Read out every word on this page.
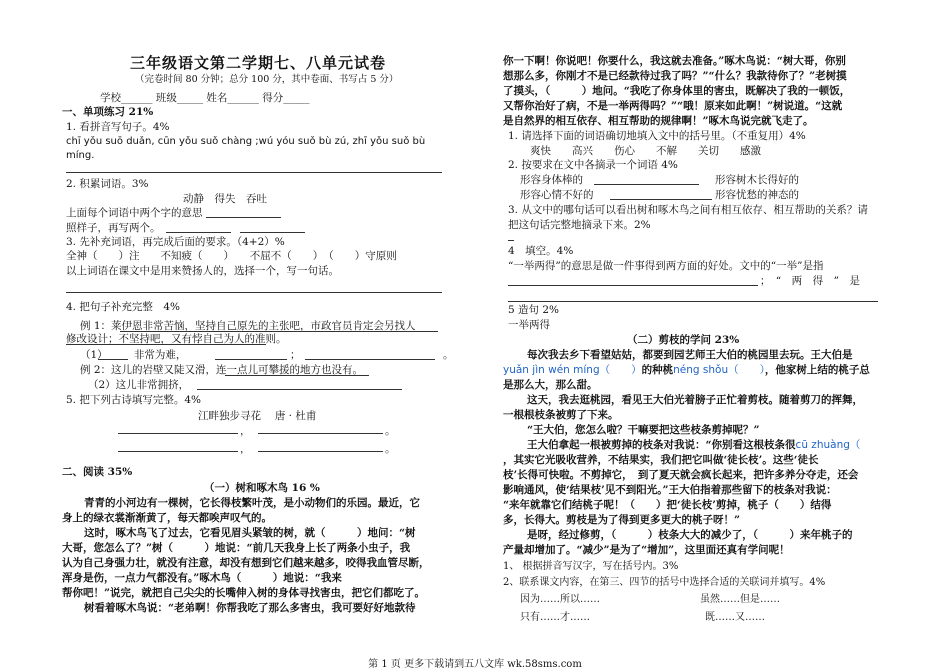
三年级语文第二学期七、八单元试卷
（完卷时间 80 分钟；总分 100 分，其中卷面、书写占 5 分）
学校______ 班级_____ 姓名______ 得分_____
一、单项练习 21%
1. 看拼音写句子。4%
chī yǒu suō duǎn, cūn yǒu suǒ chàng ;wú yóu suǒ bù zú, zhī yǒu suǒ bù
míng.
2. 积累词语。3%
动静　得失　吞吐
上面每个词语中两个字的意思
照样子，再写两个。
3. 先补充词语，再完成后面的要求。（4+2）%
全神（　　）注　　不知疲（　　）　　不屈不（　　）　（　　）守原则
以上词语在课文中是用来赞扬人的，选择一个，写一句话。
4. 把句子补充完整　4%
例 1：莱伊恩非常苦恼，坚持自己原先的主张吧，市政官员肯定会另找人
修改设计；不坚持吧，又有悖自己为人的准则。
（1）　　　非常为难，	；	。
例 2：这儿的岩壁又陡又滑，连一点儿可攀援的地方也没有。
（2）这儿非常拥挤，
5. 把下列古诗填写完整。4%
江畔独步寻花　 唐 · 杜甫
，	。
，	。
二、阅读 35%
（一）树和啄木鸟 16 %
青青的小河边有一棵树，它长得枝繁叶茂，是小动物们的乐园。最近，它
身上的绿衣裳渐渐黄了，每天都唉声叹气的。
这时，啄木鸟飞了过去，它看见眉头紧皱的树，就（　　　）地问：“树
大哥，您怎么了？”树（　　　）地说：“前几天我身上长了两条小虫子，我
认为自己身强力壮，就没有注意，却没有想到它们越来越多，咬得我血管尽断，
浑身是伤，一点力气都没有。”啄木鸟（　　　）地说：“我来
帮你吧！”说完，就把自己尖尖的长嘴伸入树的身体寻找害虫，把它们都吃了。
树看着啄木鸟说：“老弟啊！你帮我吃了那么多害虫，我可要好好地款待
你一下啊！你说吧！你要什么，我这就去准备。”啄木鸟说：“树大哥，你别
想那么多，你刚才不是已经款待过我了吗？”“什么？我款待你了？”老树摸
了摸头，（　　　）地问。“我吃了你身体里的害虫，既解决了我的一顿饭，
又帮你治好了病，不是一举两得吗？”“哦！原来如此啊！”树说道。“这就
是自然界的相互依存、相互帮助的规律啊！”啄木鸟说完就飞走了。
1. 请选择下面的词语确切地填入文中的括号里。（不重复用）4%
爽快　　高兴　　伤心　　不解　　关切　　感激
2. 按要求在文中各摘录一个词语 4%
形容身体棒的	形容树木长得好的
形容心情不好的	形容忧愁的神态的
3. 从文中的哪句话可以看出树和啄木鸟之间有相互依存、相互帮助的关系？请
把这句话完整地摘录下来。2%
4　填空。4%
“一举两得”的意思是做一件事得到两方面的好处。文中的“一举”是指
；　“　两　得　”　是
5 造句 2%
一举两得
（二）剪枝的学问 23%
每次我去乡下看望姑姑，都要到园艺师王大伯的桃园里去玩。王大伯是
yuǎn jìn wén míng（　　）的种桃néng shǒu（　　），他家树上结的桃子总
是那么大，那么甜。
这天，我去逛桃园，看见王大伯光着膀子正忙着剪枝。随着剪刀的挥舞，
一根根枝条被剪了下来。
“王大伯，您怎么啦？干嘛要把这些枝条剪掉呢？”
王大伯拿起一根被剪掉的枝条对我说：“你别看这根枝条很cū zhuàng（
，其实它光吸收营养，不结果实，我们把它叫做‘徒长枝’。这些‘徒长
枝’长得可快啦。不剪掉它，　到了夏天就会疯长起来，把许多养分夺走，还会
影响通风，使‘结果枝’见不到阳光。”王大伯指着那些留下的枝条对我说：
“来年就靠它们结桃子呢！（　　）把‘徒长枝’剪掉，桃子（　　）结得
多，长得大。剪枝是为了得到更多更大的桃子呀！”
是呀，经过修剪，（　　　）枝条大大的减少了，（　　　）来年桃子的
产量却增加了。“减少”是为了“增加”，这里面还真有学问呢！
1、 根据拼音写汉字，写在括号内。3%
2、联系课文内容，在第三、四节的括号中选择合适的关联词并填写。4%
因为……所以……	虽然……但是……
只有……才……	既……又……
第 1 页 更多下载请到五八文库 wk.58sms.com
